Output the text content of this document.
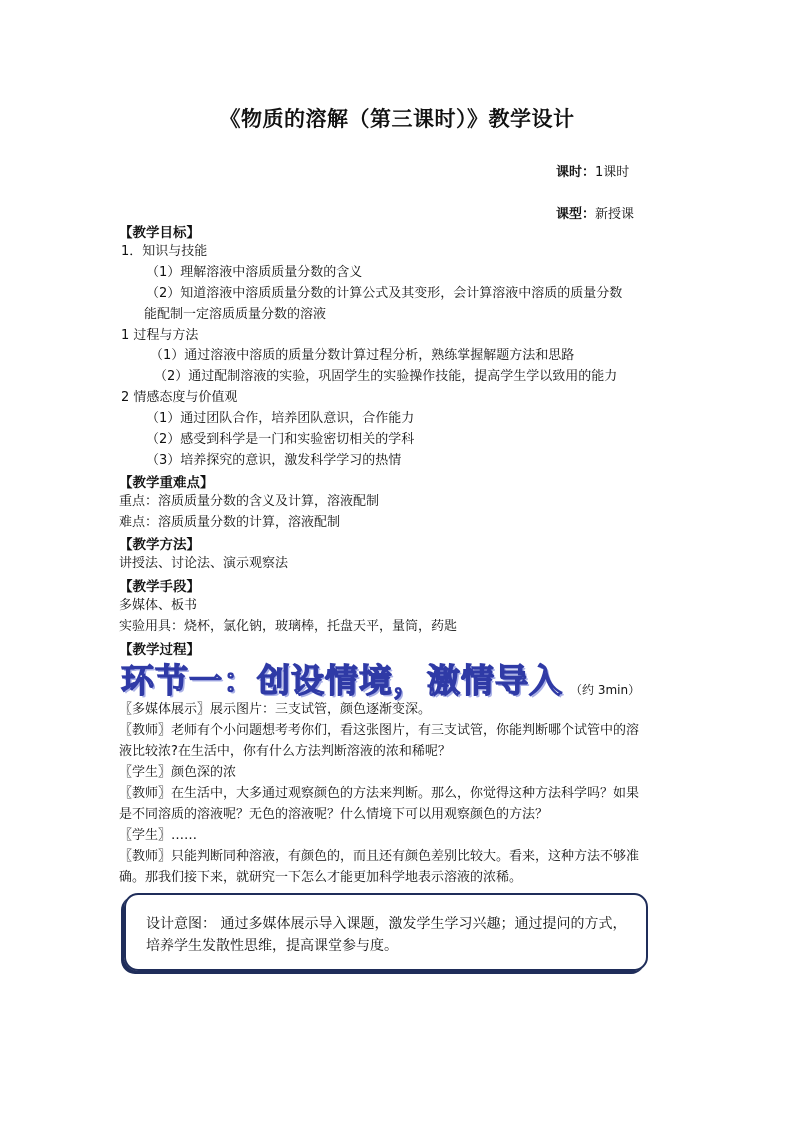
《物质的溶解（第三课时）》教学设计
课时：1课时
课型：新授课
【教学目标】
1．知识与技能
（1）理解溶液中溶质质量分数的含义
（2）知道溶液中溶质质量分数的计算公式及其变形，会计算溶液中溶质的质量分数
能配制一定溶质质量分数的溶液
1 过程与方法
（1）通过溶液中溶质的质量分数计算过程分析，熟练掌握解题方法和思路
（2）通过配制溶液的实验，巩固学生的实验操作技能，提高学生学以致用的能力
2 情感态度与价值观
（1）通过团队合作，培养团队意识，合作能力
（2）感受到科学是一门和实验密切相关的学科
（3）培养探究的意识，激发科学学习的热情
【教学重难点】
重点：溶质质量分数的含义及计算，溶液配制
难点：溶质质量分数的计算，溶液配制
【教学方法】
讲授法、讨论法、演示观察法
【教学手段】
多媒体、板书
实验用具：烧杯，氯化钠，玻璃棒，托盘天平，量筒，药匙
【教学过程】
环节一：创设情境，激情导入 （约 3min）
〖多媒体展示〗展示图片：三支试管，颜色逐渐变深。
〖教师〗老师有个小问题想考考你们，看这张图片，有三支试管，你能判断哪个试管中的溶
液比较浓?在生活中，你有什么方法判断溶液的浓和稀呢？
〖学生〗颜色深的浓
〖教师〗在生活中，大多通过观察颜色的方法来判断。那么，你觉得这种方法科学吗？如果
是不同溶质的溶液呢？无色的溶液呢？什么情境下可以用观察颜色的方法？
〖学生〗……
〖教师〗只能判断同种溶液，有颜色的，而且还有颜色差别比较大。看来，这种方法不够准
确。那我们接下来，就研究一下怎么才能更加科学地表示溶液的浓稀。
设计意图： 通过多媒体展示导入课题，激发学生学习兴趣；通过提问的方式，培养学生发散性思维，提高课堂参与度。
